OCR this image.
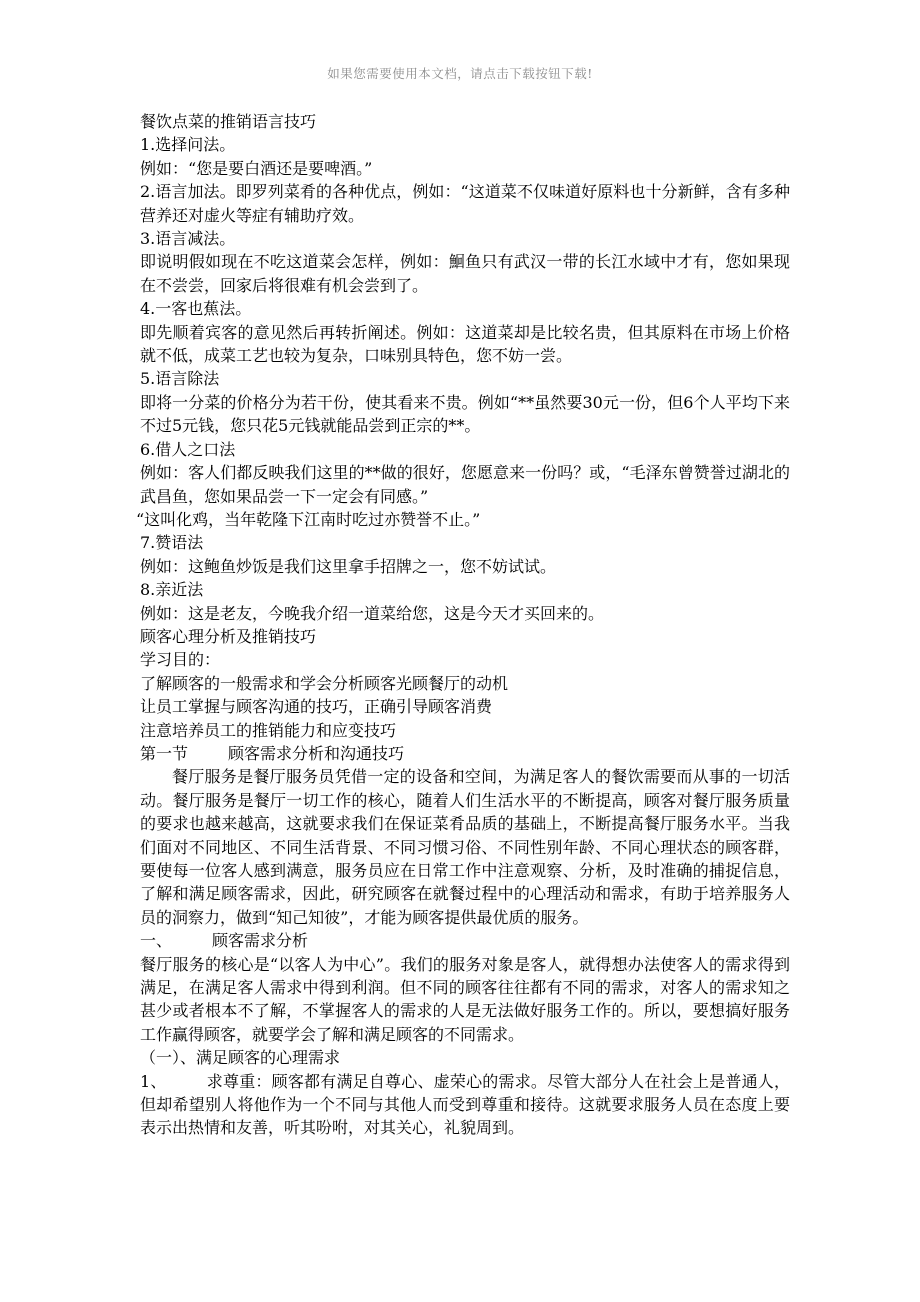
如果您需要使用本文档，请点击下载按钮下载!

餐饮点菜的推销语言技巧

1.选择问法。

例如：“您是要白酒还是要啤酒。”

2.语言加法。即罗列菜肴的各种优点，例如：“这道菜不仅味道好原料也十分新鲜，含有多种营养还对虚火等症有辅助疗效。

3.语言减法。

即说明假如现在不吃这道菜会怎样，例如：鮰鱼只有武汉一带的长江水域中才有，您如果现在不尝尝，回家后将很难有机会尝到了。

4.一客也蕉法。

即先顺着宾客的意见然后再转折阐述。例如：这道菜却是比较名贵，但其原料在市场上价格就不低，成菜工艺也较为复杂，口味别具特色，您不妨一尝。

5.语言除法

即将一分菜的价格分为若干份，使其看来不贵。例如“**虽然要30元一份，但6个人平均下来不过5元钱，您只花5元钱就能品尝到正宗的**。

6.借人之口法

例如：客人们都反映我们这里的**做的很好，您愿意来一份吗？或，“毛泽东曾赞誉过湖北的武昌鱼，您如果品尝一下一定会有同感。”

“这叫化鸡，当年乾隆下江南时吃过亦赞誉不止。”

7.赞语法

例如：这鲍鱼炒饭是我们这里拿手招牌之一，您不妨试试。

8.亲近法

例如：这是老友，今晚我介绍一道菜给您，这是今天才买回来的。

顾客心理分析及推销技巧

学习目的：

了解顾客的一般需求和学会分析顾客光顾餐厅的动机

让员工掌握与顾客沟通的技巧，正确引导顾客消费

注意培养员工的推销能力和应变技巧

第一节	顾客需求分析和沟通技巧

餐厅服务是餐厅服务员凭借一定的设备和空间，为满足客人的餐饮需要而从事的一切活动。餐厅服务是餐厅一切工作的核心，随着人们生活水平的不断提高，顾客对餐厅服务质量的要求也越来越高，这就要求我们在保证菜肴品质的基础上，不断提高餐厅服务水平。当我们面对不同地区、不同生活背景、不同习惯习俗、不同性别年龄、不同心理状态的顾客群，要使每一位客人感到满意，服务员应在日常工作中注意观察、分析，及时准确的捕捉信息，了解和满足顾客需求，因此，研究顾客在就餐过程中的心理活动和需求，有助于培养服务人员的洞察力，做到“知己知彼”，才能为顾客提供最优质的服务。

一、	顾客需求分析

餐厅服务的核心是“以客人为中心”。我们的服务对象是客人，就得想办法使客人的需求得到满足，在满足客人需求中得到利润。但不同的顾客往往都有不同的需求，对客人的需求知之甚少或者根本不了解，不掌握客人的需求的人是无法做好服务工作的。所以，要想搞好服务工作赢得顾客，就要学会了解和满足顾客的不同需求。

（一）、满足顾客的心理需求

1、	求尊重：顾客都有满足自尊心、虚荣心的需求。尽管大部分人在社会上是普通人，但却希望别人将他作为一个不同与其他人而受到尊重和接待。这就要求服务人员在态度上要表示出热情和友善，听其吩咐，对其关心，礼貌周到。
